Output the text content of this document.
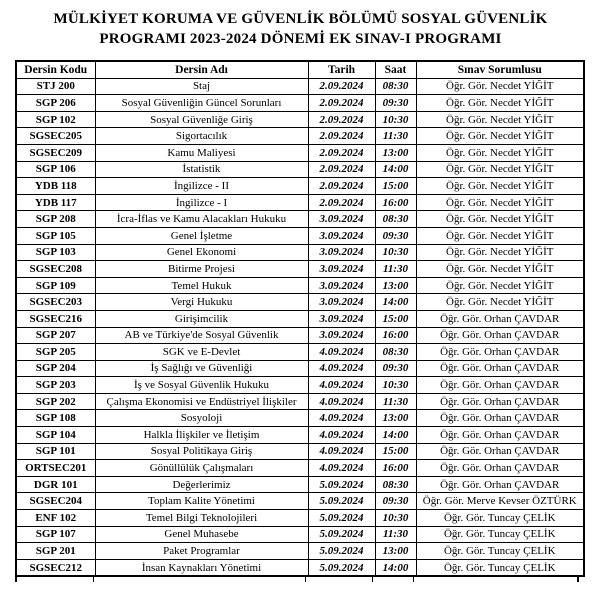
MÜLKİYET KORUMA VE GÜVENLİK BÖLÜMÜ SOSYAL GÜVENLİK
PROGRAMI 2023-2024 DÖNEMİ EK SINAV-I PROGRAMI
Dersin Kodu	Dersin Adı	Tarih	Saat	Sınav Sorumlusu
STJ 200	Staj	2.09.2024	08:30	Öğr. Gör. Necdet YİĞİT
SGP 206	Sosyal Güvenliğin Güncel Sorunları	2.09.2024	09:30	Öğr. Gör. Necdet YİĞİT
SGP 102	Sosyal Güvenliğe Giriş	2.09.2024	10:30	Öğr. Gör. Necdet YİĞİT
SGSEC205	Sigortacılık	2.09.2024	11:30	Öğr. Gör. Necdet YİĞİT
SGSEC209	Kamu Maliyesi	2.09.2024	13:00	Öğr. Gör. Necdet YİĞİT
SGP 106	İstatistik	2.09.2024	14:00	Öğr. Gör. Necdet YİĞİT
YDB 118	İngilizce - II	2.09.2024	15:00	Öğr. Gör. Necdet YİĞİT
YDB 117	İngilizce - I	2.09.2024	16:00	Öğr. Gör. Necdet YİĞİT
SGP 208	İcra-İflas ve Kamu Alacakları Hukuku	3.09.2024	08:30	Öğr. Gör. Necdet YİĞİT
SGP 105	Genel İşletme	3.09.2024	09:30	Öğr. Gör. Necdet YİĞİT
SGP 103	Genel Ekonomi	3.09.2024	10:30	Öğr. Gör. Necdet YİĞİT
SGSEC208	Bitirme Projesi	3.09.2024	11:30	Öğr. Gör. Necdet YİĞİT
SGP 109	Temel Hukuk	3.09.2024	13:00	Öğr. Gör. Necdet YİĞİT
SGSEC203	Vergi Hukuku	3.09.2024	14:00	Öğr. Gör. Necdet YİĞİT
SGSEC216	Girişimcilik	3.09.2024	15:00	Öğr. Gör. Orhan ÇAVDAR
SGP 207	AB ve Türkiye'de Sosyal Güvenlik	3.09.2024	16:00	Öğr. Gör. Orhan ÇAVDAR
SGP 205	SGK ve E-Devlet	4.09.2024	08:30	Öğr. Gör. Orhan ÇAVDAR
SGP 204	İş Sağlığı ve Güvenliği	4.09.2024	09:30	Öğr. Gör. Orhan ÇAVDAR
SGP 203	İş ve Sosyal Güvenlik Hukuku	4.09.2024	10:30	Öğr. Gör. Orhan ÇAVDAR
SGP 202	Çalışma Ekonomisi ve Endüstriyel İlişkiler	4.09.2024	11:30	Öğr. Gör. Orhan ÇAVDAR
SGP 108	Sosyoloji	4.09.2024	13:00	Öğr. Gör. Orhan ÇAVDAR
SGP 104	Halkla İlişkiler ve İletişim	4.09.2024	14:00	Öğr. Gör. Orhan ÇAVDAR
SGP 101	Sosyal Politikaya Giriş	4.09.2024	15:00	Öğr. Gör. Orhan ÇAVDAR
ORTSEC201	Gönüllülük Çalışmaları	4.09.2024	16:00	Öğr. Gör. Orhan ÇAVDAR
DGR 101	Değerlerimiz	5.09.2024	08:30	Öğr. Gör. Orhan ÇAVDAR
SGSEC204	Toplam Kalite Yönetimi	5.09.2024	09:30	Öğr. Gör. Merve Kevser ÖZTÜRK
ENF 102	Temel Bilgi Teknolojileri	5.09.2024	10:30	Öğr. Gör. Tuncay ÇELİK
SGP 107	Genel Muhasebe	5.09.2024	11:30	Öğr. Gör. Tuncay ÇELİK
SGP 201	Paket Programlar	5.09.2024	13:00	Öğr. Gör. Tuncay ÇELİK
SGSEC212	İnsan Kaynakları Yönetimi	5.09.2024	14:00	Öğr. Gör. Tuncay ÇELİK
